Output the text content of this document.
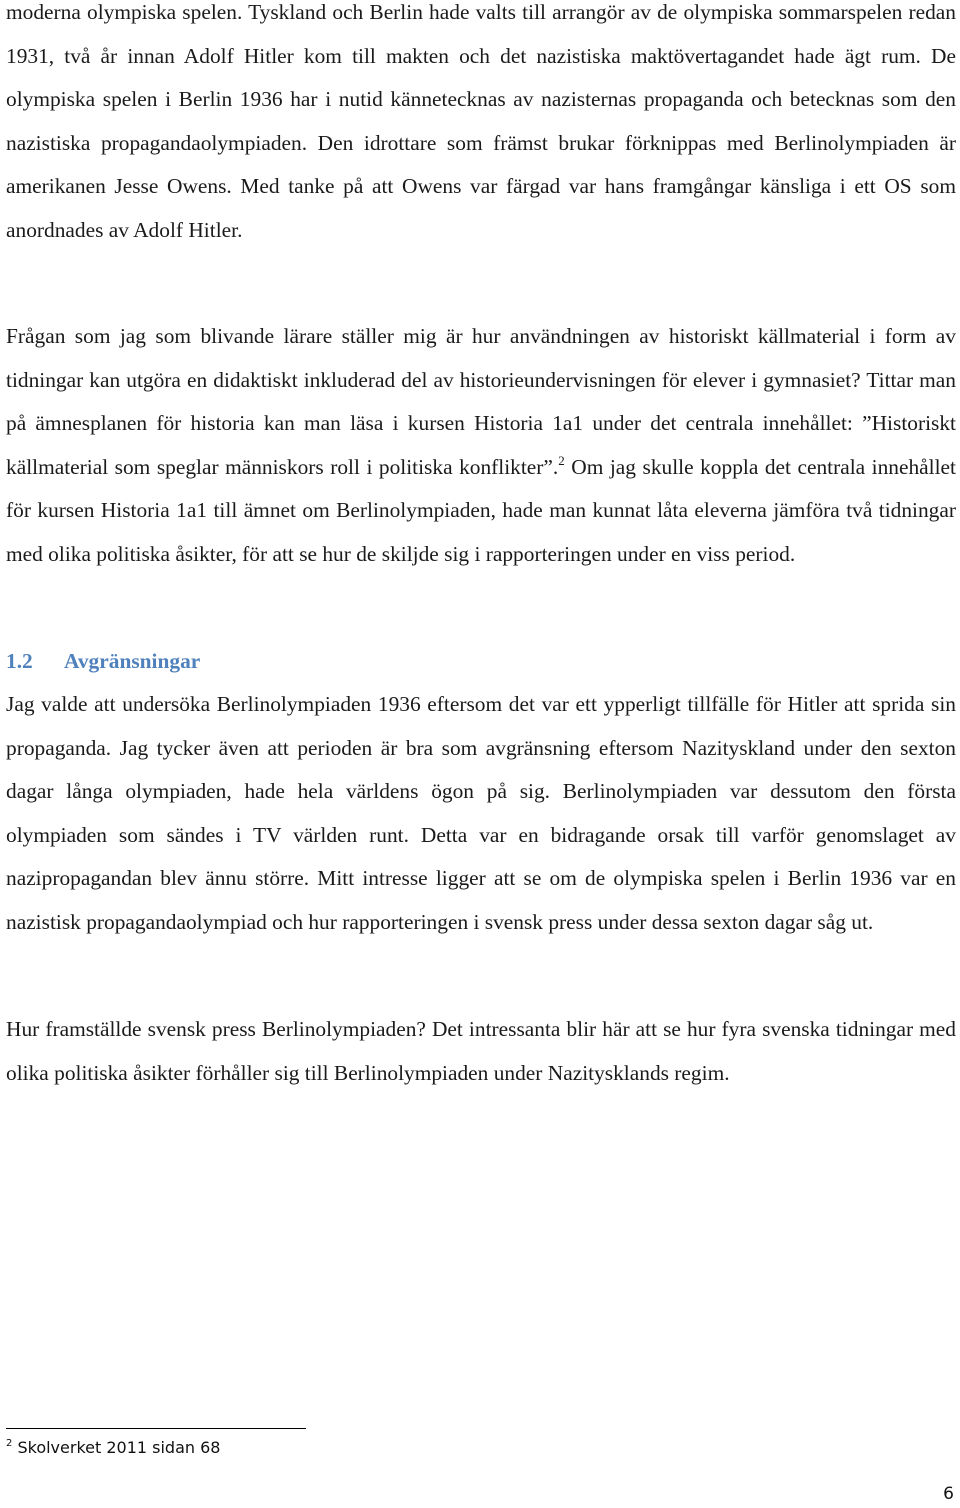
moderna olympiska spelen. Tyskland och Berlin hade valts till arrangör av de olympiska sommarspelen redan 1931, två år innan Adolf Hitler kom till makten och det nazistiska maktövertagandet hade ägt rum. De olympiska spelen i Berlin 1936 har i nutid kännetecknas av nazisternas propaganda och betecknas som den nazistiska propagandaolympiaden. Den idrottare som främst brukar förknippas med Berlinolympiaden är amerikanen Jesse Owens. Med tanke på att Owens var färgad var hans framgångar känsliga i ett OS som anordnades av Adolf Hitler.

Frågan som jag som blivande lärare ställer mig är hur användningen av historiskt källmaterial i form av tidningar kan utgöra en didaktiskt inkluderad del av historieundervisningen för elever i gymnasiet? Tittar man på ämnesplanen för historia kan man läsa i kursen Historia 1a1 under det centrala innehållet: ”Historiskt källmaterial som speglar människors roll i politiska konflikter”.$^2$ Om jag skulle koppla det centrala innehållet för kursen Historia 1a1 till ämnet om Berlinolympiaden, hade man kunnat låta eleverna jämföra två tidningar med olika politiska åsikter, för att se hur de skiljde sig i rapporteringen under en viss period.

1.2 Avgränsningar

Jag valde att undersöka Berlinolympiaden 1936 eftersom det var ett ypperligt tillfälle för Hitler att sprida sin propaganda. Jag tycker även att perioden är bra som avgränsning eftersom Nazityskland under den sexton dagar långa olympiaden, hade hela världens ögon på sig. Berlinolympiaden var dessutom den första olympiaden som sändes i TV världen runt. Detta var en bidragande orsak till varför genomslaget av nazipropagandan blev ännu större. Mitt intresse ligger att se om de olympiska spelen i Berlin 1936 var en nazistisk propagandaolympiad och hur rapporteringen i svensk press under dessa sexton dagar såg ut.

Hur framställde svensk press Berlinolympiaden? Det intressanta blir här att se hur fyra svenska tidningar med olika politiska åsikter förhåller sig till Berlinolympiaden under Nazitysklands regim.

$^2$ Skolverket 2011 sidan 68

6
